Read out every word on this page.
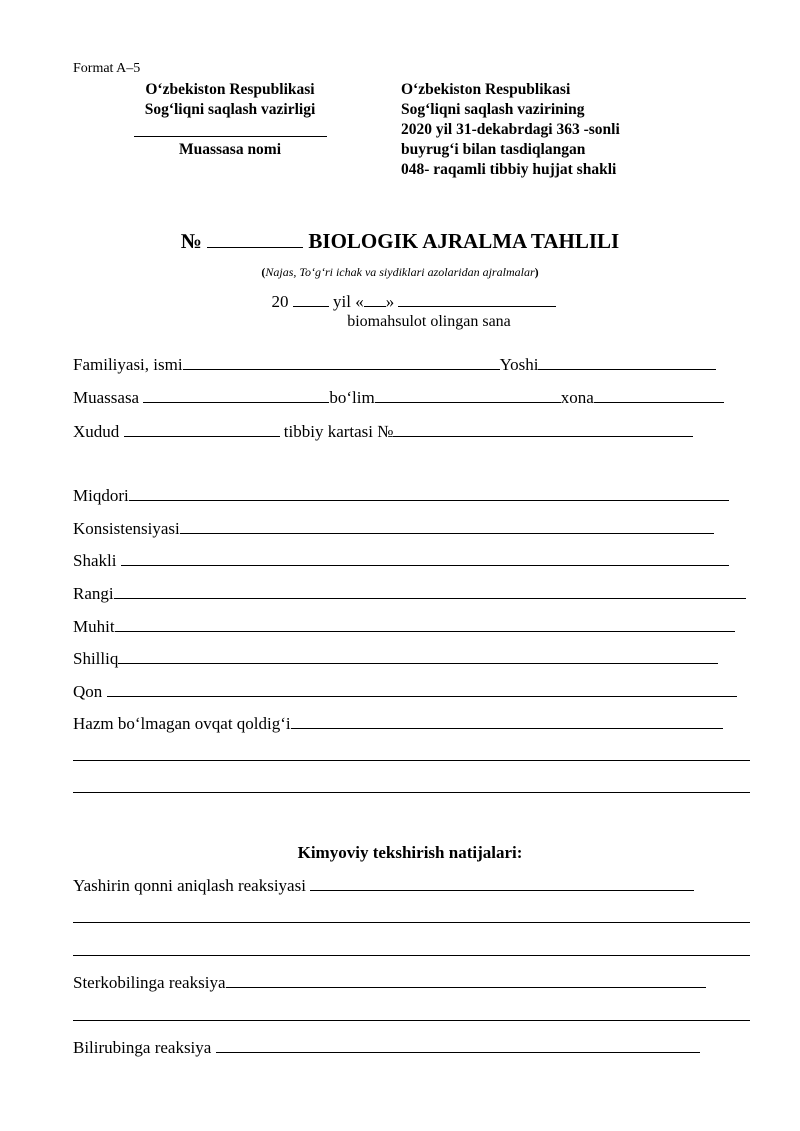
Format A–5
O‘zbekiston Respublikasi
Sog‘liqni saqlash vazirligi
Muassasa nomi
O‘zbekiston Respublikasi
Sog‘liqni saqlash vazirining
2020 yil 31-dekabrdagi 363 -sonli
buyrug‘i bilan tasdiqlangan
048- raqamli tibbiy hujjat shakli
№	BIOLOGIK AJRALMA TAHLILI
(Najas, To‘g‘ri ichak va siydiklari azolaridan ajralmalar)
20	yil « »
biomahsulot olingan sana
Familiyasi, ismi	Yoshi
Muassasa	bo‘lim	xona
Xudud	tibbiy kartasi №
Miqdori
Konsistensiyasi
Shakli
Rangi
Muhit
Shilliq
Qon
Hazm bo‘lmagan ovqat qoldig‘i
Kimyoviy tekshirish natijalari:
Yashirin qonni aniqlash reaksiyasi
Sterkobilinga reaksiya
Bilirubinga reaksiya
